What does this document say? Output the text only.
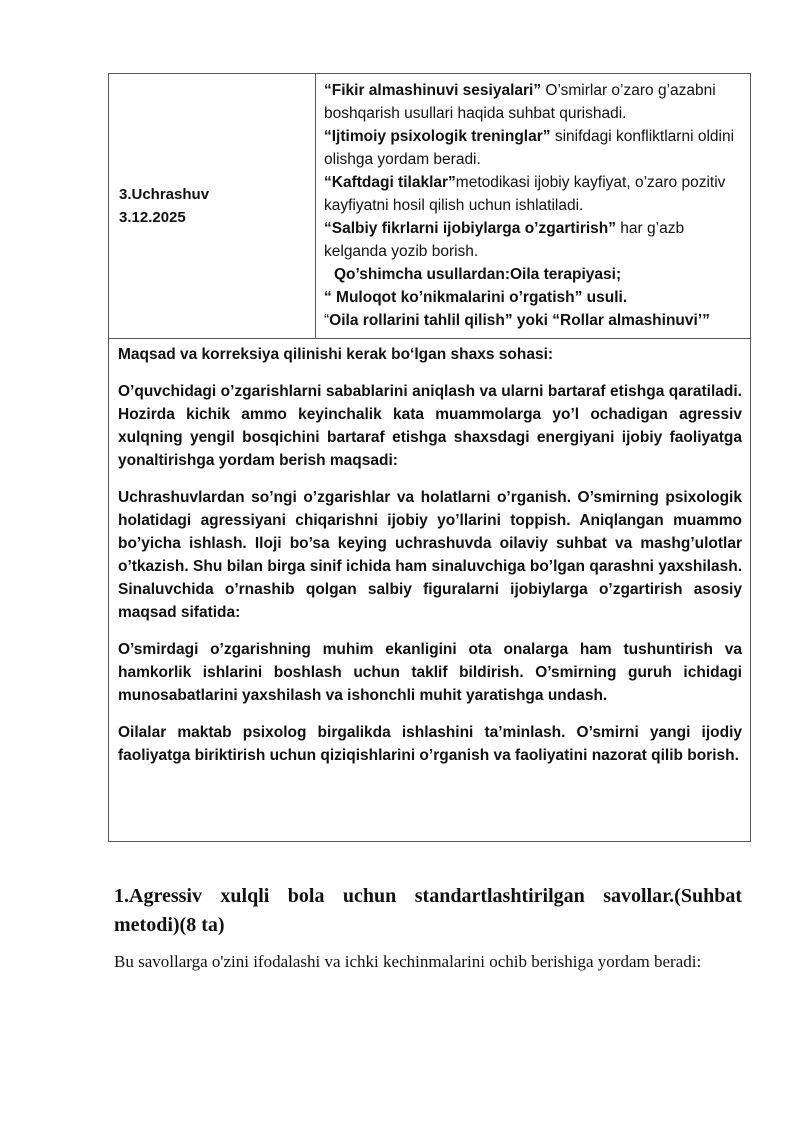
3.Uchrashuv
3.12.2025

“Fikir almashinuvi sesiyalari” O’smirlar o’zaro g’azabni boshqarish usullari haqida suhbat qurishadi.
“Ijtimoiy psixologik treninglar” sinifdagi konfliktlarni oldini olishga yordam beradi.
“Kaftdagi tilaklar”metodikasi ijobiy kayfiyat, o’zaro pozitiv kayfiyatni hosil qilish uchun ishlatiladi.
“Salbiy fikrlarni ijobiylarga o’zgartirish” har g’azb kelganda yozib borish.
Qo’shimcha usullardan:Oila terapiyasi;
“ Muloqot ko’nikmalarini o’rgatish” usuli.
“Oila rollarini tahlil qilish” yoki “Rollar almashinuvi’”

Maqsad va korreksiya qilinishi kerak boʻlgan shaxs sohasi:

O’quvchidagi o’zgarishlarni sabablarini aniqlash va ularni bartaraf etishga qaratiladi. Hozirda kichik ammo keyinchalik kata muammolarga yo’l ochadigan agressiv xulqning yengil bosqichini bartaraf etishga shaxsdagi energiyani ijobiy faoliyatga yonaltirishga yordam berish maqsadi:

Uchrashuvlardan so’ngi o’zgarishlar va holatlarni o’rganish. O’smirning psixologik holatidagi agressiyani chiqarishni ijobiy yo’llarini toppish. Aniqlangan muammo bo’yicha ishlash. Iloji bo’sa keying uchrashuvda oilaviy suhbat va mashg’ulotlar o’tkazish. Shu bilan birga sinif ichida ham sinaluvchiga bo’lgan qarashni yaxshilash. Sinaluvchida o’rnashib qolgan salbiy figuralarni ijobiylarga o’zgartirish asosiy maqsad sifatida:

O’smirdagi o’zgarishning muhim ekanligini ota onalarga ham tushuntirish va hamkorlik ishlarini boshlash uchun taklif bildirish. O’smirning guruh ichidagi munosabatlarini yaxshilash va ishonchli muhit yaratishga undash.

Oilalar maktab psixolog birgalikda ishlashini ta’minlash. O’smirni yangi ijodiy faoliyatga biriktirish uchun qiziqishlarini o’rganish va faoliyatini nazorat qilib borish.

1.Agressiv xulqli bola uchun standartlashtirilgan savollar.(Suhbat metodi)(8 ta)

Bu savollarga o'zini ifodalashi va ichki kechinmalarini ochib berishiga yordam beradi:
